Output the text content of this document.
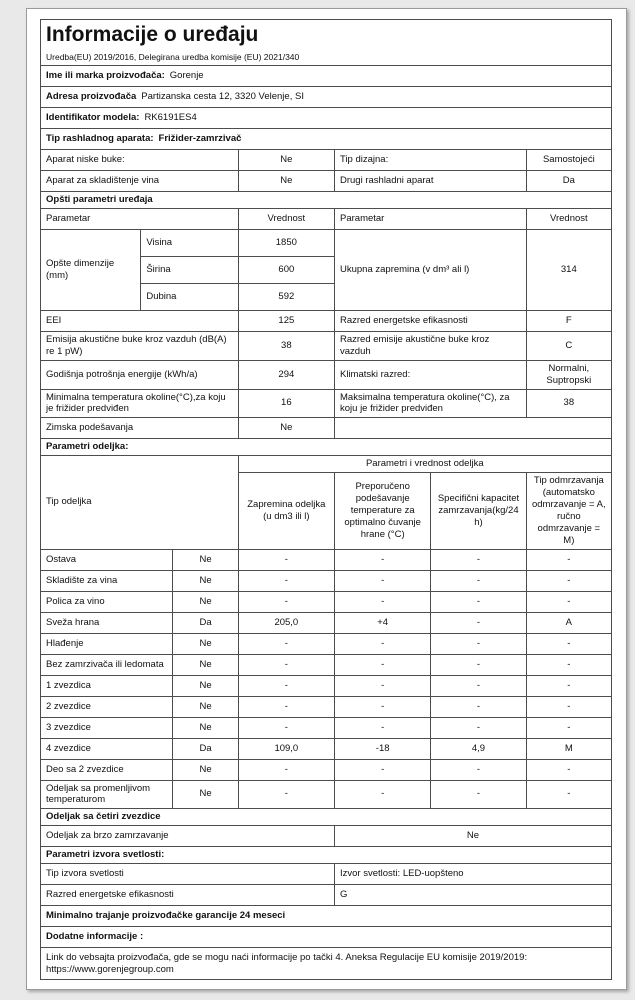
Informacije o uređaju
Uredba(EU) 2019/2016, Delegirana uredba komisije (EU) 2021/340						

Ime ili marka proizvođača: Gorenje						
Adresa proizvođača Partizanska cesta 12, 3320 Velenje, SI						
Identifikator modela: RK6191ES4						
Tip rashladnog aparata: Frižider-zamrzivač						
Aparat niske buke:			Ne	Tip dizajna:		Samostojeći
Aparat za skladištenje vina			Ne	Drugi rashladni aparat		Da
Opšti parametri uređaja						
Parametar			Vrednost	Parametar		Vrednost
Opšte dimenzije (mm)	Visina		1850	Ukupna zapremina (v dm³ ali l)		314
	Širina		600			
	Dubina		592			
EEI			125	Razred energetske efikasnosti		F
Emisija akustične buke kroz vazduh (dB(A) re 1 pW)			38	Razred emisije akustične buke kroz vazduh		C
Godišnja potrošnja energije (kWh/a)			294	Klimatski razred:		Normalni, Suptropski
Minimalna temperatura okoline(°C),za koju je frižider predviđen			16	Maksimalna temperatura okoline(°C), za koju je frižider predviđen		38
Zimska podešavanja			Ne			
Parametri odeljka:						
Tip odeljka			Parametri i vrednost odeljka			
			Zapremina odeljka (u dm3 ili l)	Preporučeno podešavanje temperature za optimalno čuvanje hrane (°C)	Specifični kapacitet zamrzavanja(kg/24 h)	Tip odmrzavanja (automatsko odmrzavanje = A, ručno odmrzavanje = M)
Ostava		Ne	-	-	-	-
Skladište za vina		Ne	-	-	-	-
Polica za vino		Ne	-	-	-	-
Sveža hrana		Da	205,0	+4	-	A
Hlađenje		Ne	-	-	-	-
Bez zamrzivača ili ledomata		Ne	-	-	-	-
1 zvezdica		Ne	-	-	-	-
2 zvezdice		Ne	-	-	-	-
3 zvezdice		Ne	-	-	-	-
4 zvezdice		Da	109,0	-18	4,9	M
Deo sa 2 zvezdice		Ne	-	-	-	-
Odeljak sa promenljivom temperaturom		Ne	-	-	-	-
Odeljak sa četiri zvezdice						
Odeljak za brzo zamrzavanje				Ne		
Parametri izvora svetlosti:						
Tip izvora svetlosti				Izvor svetlosti: LED-uopšteno		
Razred energetske efikasnosti				G		
Minimalno trajanje proizvođačke garancije 24 meseci						
Dodatne informacije :						
Link do vebsajta proizvođača, gde se mogu naći informacije po tački 4. Aneksa Regulacije EU komisije 2019/2019:
https://www.gorenjegroup.com						
